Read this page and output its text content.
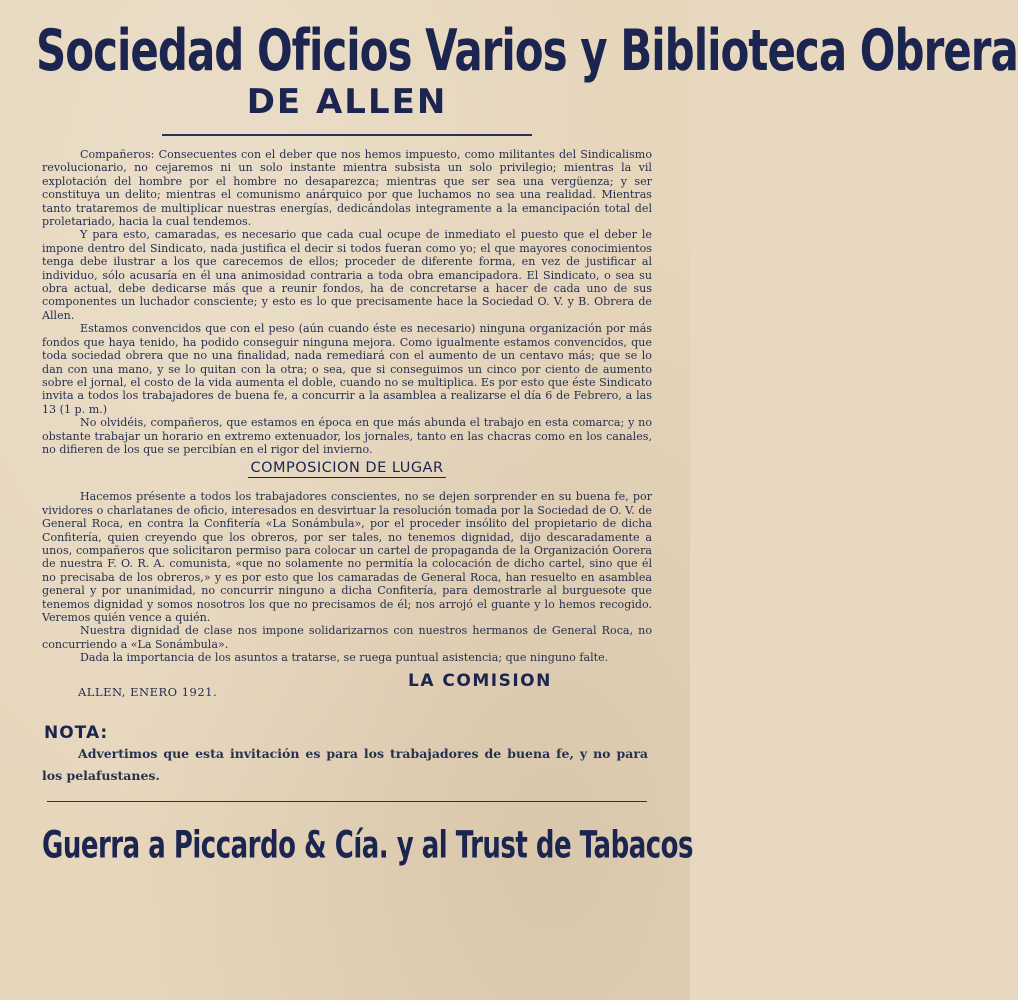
Sociedad Oficios Varios y Biblioteca Obrera
DE ALLEN

Compañeros: Consecuentes con el deber que nos hemos impuesto, como militantes del Sindicalismo revolucionario, no cejaremos ni un solo instante mientra subsista un solo privilegio; mientras la vil explotación del hombre por el hombre no desaparezca; mientras que ser sea una vergüenza; y ser constituya un delito; mientras el comunismo anárquico por que luchamos no sea una realidad. Mientras tanto trataremos de multiplicar nuestras energías, dedicándolas integramente a la emancipación total del proletariado, hacia la cual tendemos.

Y para esto, camaradas, es necesario que cada cual ocupe de inmediato el puesto que el deber le impone dentro del Sindicato, nada justifica el decir si todos fueran como yo; el que mayores conocimientos tenga debe ilustrar a los que carecemos de ellos; proceder de diferente forma, en vez de justificar al individuo, sólo acusaría en él una animosidad contraria a toda obra emancipadora. El Sindicato, o sea su obra actual, debe dedicarse más que a reunir fondos, ha de concretarse a hacer de cada uno de sus componentes un luchador consciente; y esto es lo que precisamente hace la Sociedad O. V. y B. Obrera de Allen.

Estamos convencidos que con el peso (aún cuando éste es necesario) ninguna organización por más fondos que haya tenido, ha podido conseguir ninguna mejora. Como igualmente estamos convencidos, que toda sociedad obrera que no una finalidad, nada remediará con el aumento de un centavo más; que se lo dan con una mano, y se lo quitan con la otra; o sea, que si conseguimos un cinco por ciento de aumento sobre el jornal, el costo de la vida aumenta el doble, cuando no se multiplica. Es por esto que éste Sindicato invita a todos los trabajadores de buena fe, a concurrir a la asamblea a realizarse el día 6 de Febrero, a las 13 (1 p. m.)

No olvidéis, compañeros, que estamos en época en que más abunda el trabajo en esta comarca; y no obstante trabajar un horario en extremo extenuador, los jornales, tanto en las chacras como en los canales, no difieren de los que se percibían en el rigor del invierno.

COMPOSICION DE LUGAR

Hacemos présente a todos los trabajadores conscientes, no se dejen sorprender en su buena fe, por vividores o charlatanes de oficio, interesados en desvirtuar la resolución tomada por la Sociedad de O. V. de General Roca, en contra la Confitería «La Sonámbula», por el proceder insólito del propietario de dicha Confitería, quien creyendo que los obreros, por ser tales, no tenemos dignidad, dijo descaradamente a unos, compañeros que solicitaron permiso para colocar un cartel de propaganda de la Organización Oorera de nuestra F. O. R. A. comunista, «que no solamente no permitía la colocación de dicho cartel, sino que él no precisaba de los obreros,» y es por esto que los camaradas de General Roca, han resuelto en asamblea general y por unanimidad, no concurrir ninguno a dicha Confitería, para demostrarle al burguesote que tenemos dignidad y somos nosotros los que no precisamos de él; nos arrojó el guante y lo hemos recogido. Veremos quién vence a quién.

Nuestra dignidad de clase nos impone solidarizarnos con nuestros hermanos de General Roca, no concurriendo a «La Sonámbula».

Dada la importancia de los asuntos a tratarse, se ruega puntual asistencia; que ninguno falte.

ALLEN, ENERO 1921.
LA COMISION
NOTA:

Advertimos que esta invitación es para los trabajadores de buena fe, y no para los pelafustanes.

Guerra a Piccardo & Cía. y al Trust de Tabacos
